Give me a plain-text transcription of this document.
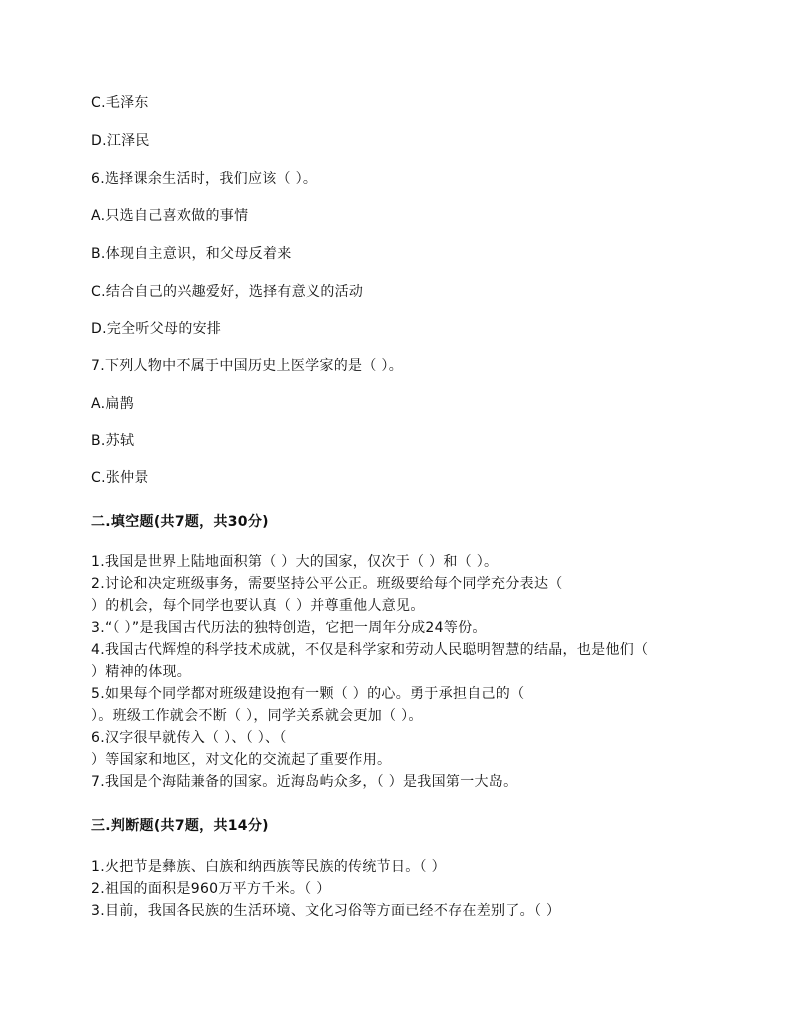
C.毛泽东
D.江泽民
6.选择课余生活时，我们应该（ ）。
A.只选自己喜欢做的事情
B.体现自主意识，和父母反着来
C.结合自己的兴趣爱好，选择有意义的活动
D.完全听父母的安排
7.下列人物中不属于中国历史上医学家的是（ ）。
A.扁鹊
B.苏轼
C.张仲景
二.填空题(共7题，共30分)
1.我国是世界上陆地面积第（ ）大的国家，仅次于（ ）和（ ）。
2.讨论和决定班级事务，需要坚持公平公正。班级要给每个同学充分表达（
）的机会，每个同学也要认真（ ）并尊重他人意见。
3.“（ ）”是我国古代历法的独特创造，它把一周年分成24等份。
4.我国古代辉煌的科学技术成就，不仅是科学家和劳动人民聪明智慧的结晶，也是他们（
）精神的体现。
5.如果每个同学都对班级建设抱有一颗（ ）的心。勇于承担自己的（
）。班级工作就会不断（ ），同学关系就会更加（ ）。
6.汉字很早就传入（ ）、（ ）、（
）等国家和地区，对文化的交流起了重要作用。
7.我国是个海陆兼备的国家。近海岛屿众多，（ ）是我国第一大岛。
三.判断题(共7题，共14分)
1.火把节是彝族、白族和纳西族等民族的传统节日。（ ）
2.祖国的面积是960万平方千米。（ ）
3.目前，我国各民族的生活环境、文化习俗等方面已经不存在差别了。（ ）
